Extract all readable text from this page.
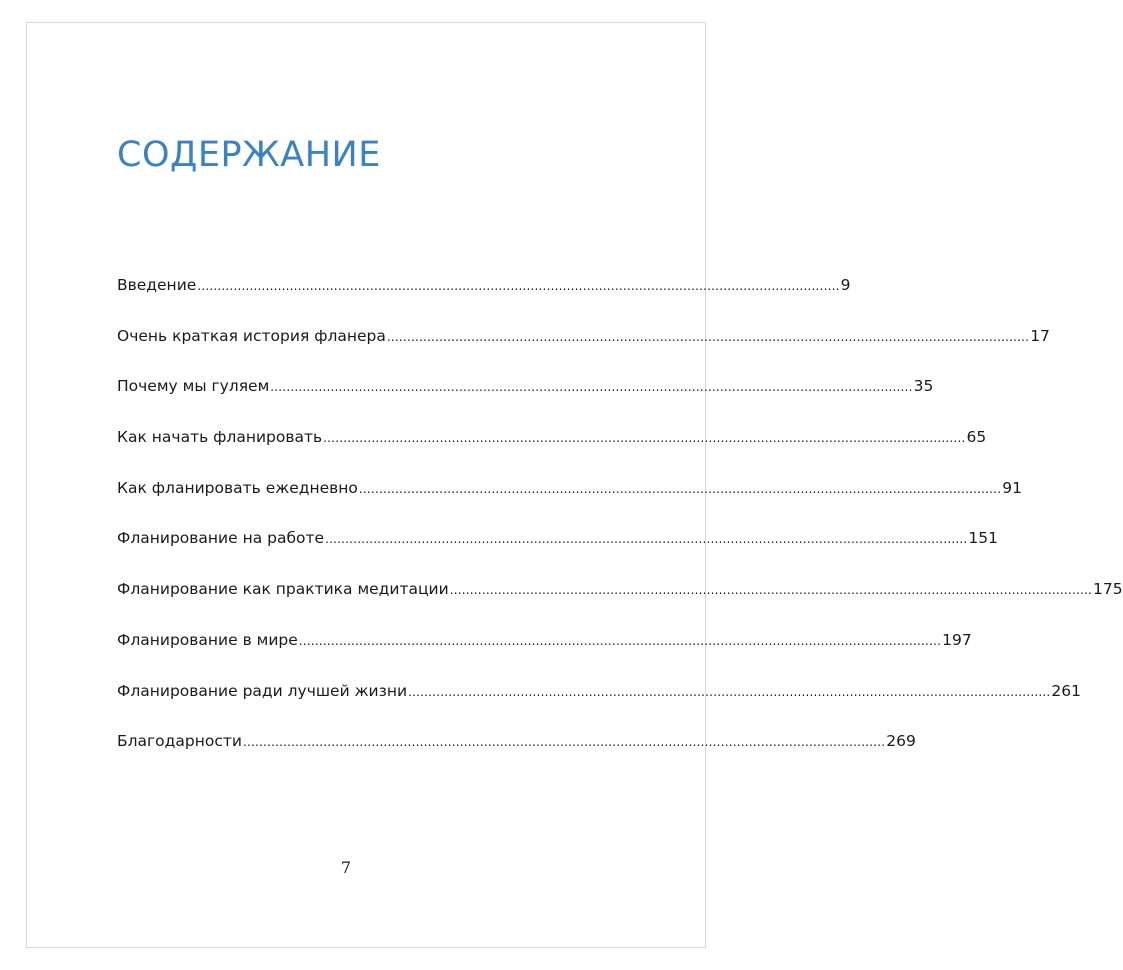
СОДЕРЖАНИЕ
Введение ................................................................................................................................................................ 9
Очень краткая история фланера ................................................................................................................................................................ 17
Почему мы гуляем ................................................................................................................................................................ 35
Как начать фланировать ................................................................................................................................................................ 65
Как фланировать ежедневно ................................................................................................................................................................ 91
Фланирование на работе ................................................................................................................................................................ 151
Фланирование как практика медитации ................................................................................................................................................................ 175
Фланирование в мире ................................................................................................................................................................ 197
Фланирование ради лучшей жизни ................................................................................................................................................................ 261
Благодарности ................................................................................................................................................................ 269
7
